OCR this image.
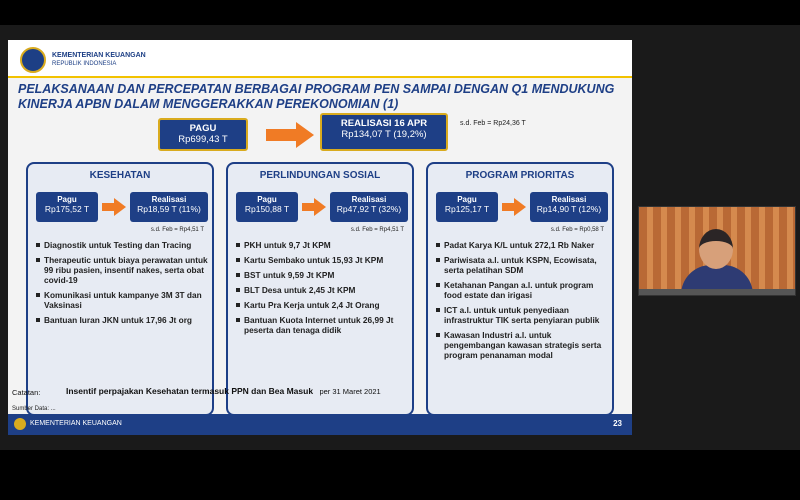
KEMENTERIAN KEUANGAN
REPUBLIK INDONESIA
PELAKSANAAN DAN PERCEPATAN BERBAGAI PROGRAM PEN SAMPAI DENGAN Q1 MENDUKUNG KINERJA APBN DALAM MENGGERAKKAN PEREKONOMIAN (1)
PAGU
Rp699,43 T
REALISASI 16 APR
Rp134,07 T (19,2%)
s.d. Feb = Rp24,36 T
KESEHATAN
Pagu
Rp175,52 T
Realisasi
Rp18,59 T (11%)
s.d. Feb = Rp4,51 T
Diagnostik untuk Testing dan Tracing
Therapeutic untuk biaya perawatan untuk 99 ribu pasien, insentif nakes, serta obat covid-19
Komunikasi untuk kampanye 3M 3T dan Vaksinasi
Bantuan Iuran JKN untuk 17,96 Jt org
PERLINDUNGAN SOSIAL
Pagu
Rp150,88 T
Realisasi
Rp47,92 T (32%)
s.d. Feb = Rp4,51 T
PKH untuk 9,7 Jt KPM
Kartu Sembako untuk 15,93 Jt KPM
BST untuk 9,59 Jt KPM
BLT Desa untuk 2,45 Jt KPM
Kartu Pra Kerja untuk 2,4 Jt Orang
Bantuan Kuota Internet untuk 26,99 Jt peserta dan tenaga didik
PROGRAM PRIORITAS
Pagu
Rp125,17 T
Realisasi
Rp14,90 T (12%)
s.d. Feb = Rp0,58 T
Padat Karya K/L untuk 272,1 Rb Naker
Pariwisata a.l. untuk KSPN, Ecowisata, serta pelatihan SDM
Ketahanan Pangan a.l. untuk program food estate dan irigasi
ICT a.l. untuk untuk penyediaan infrastruktur TIK serta penyiaran publik
Kawasan Industri a.l. untuk pengembangan kawasan strategis serta program penanaman modal
Catatan:	Insentif perpajakan Kesehatan termasuk PPN dan Bea Masuk per 31 Maret 2021
Sumber Data: ...
KEMENTERIAN KEUANGAN	23
